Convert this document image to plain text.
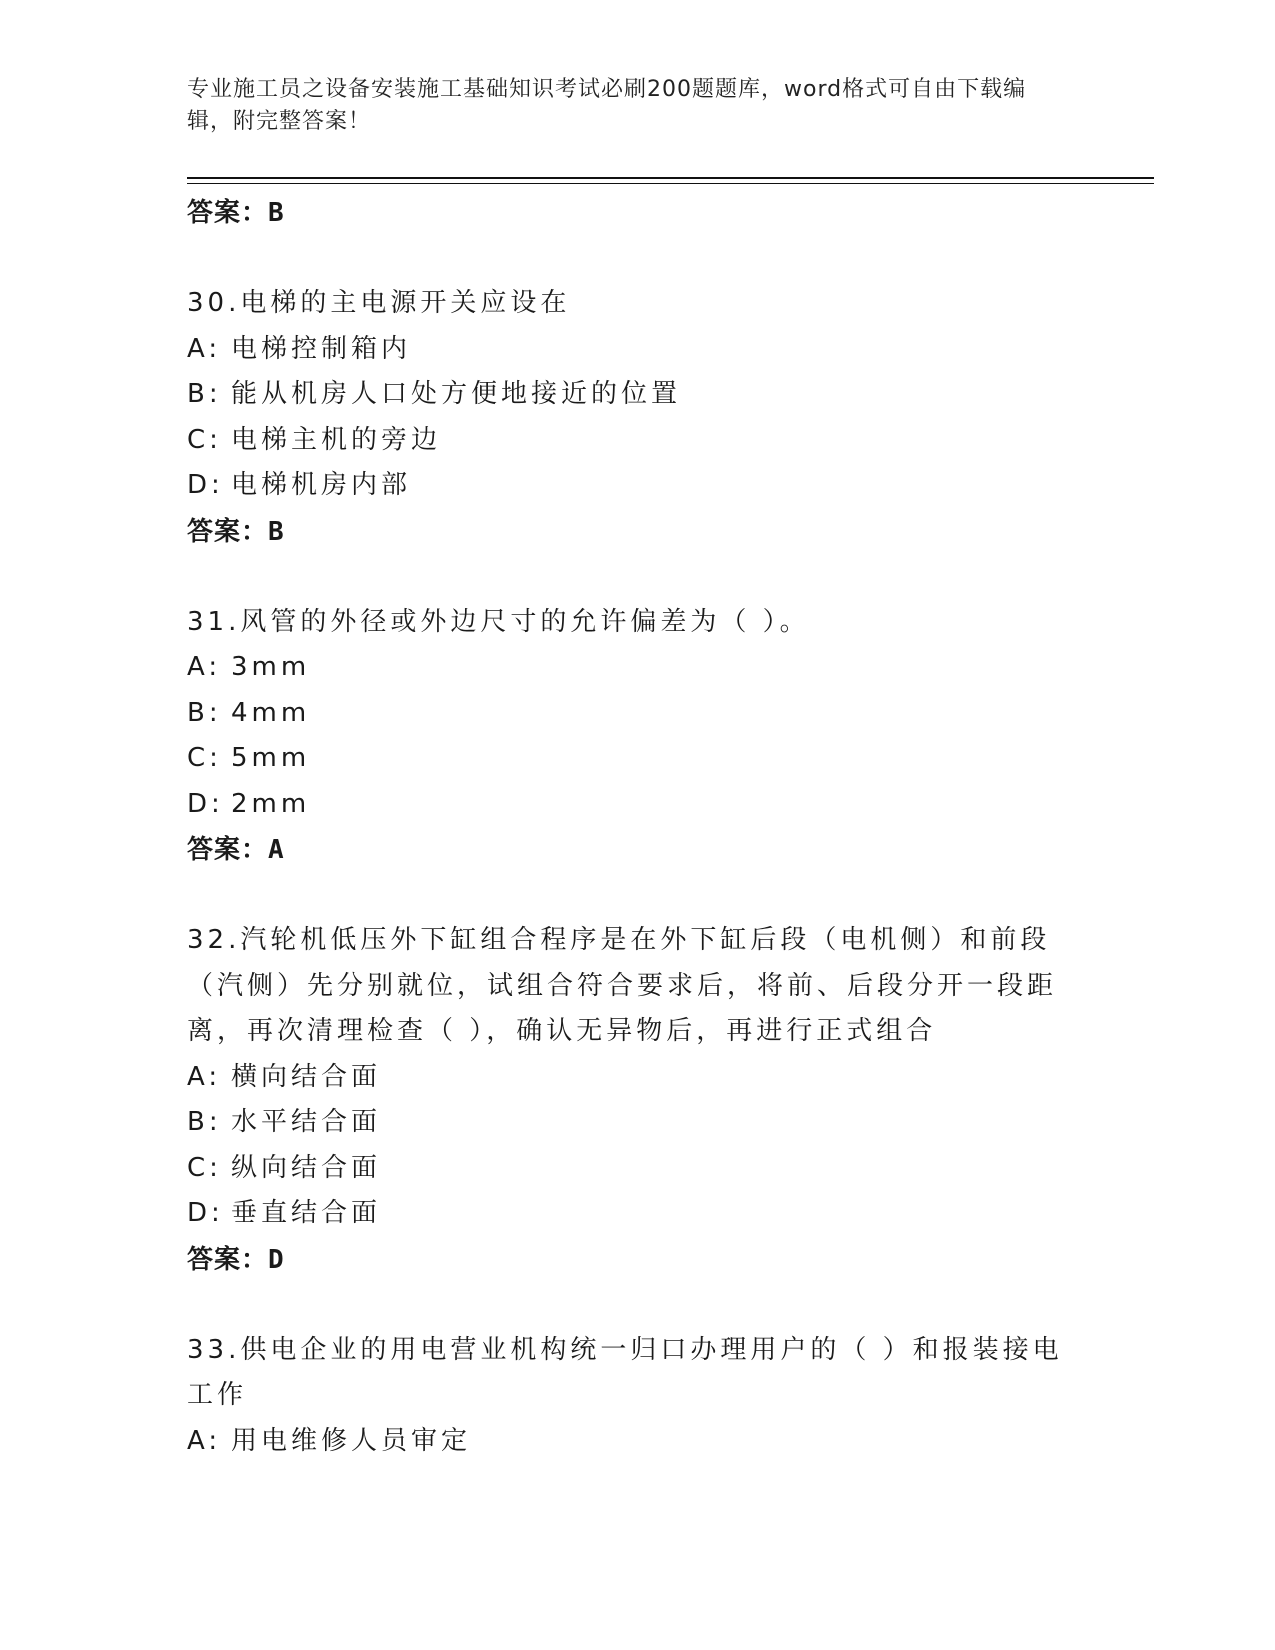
专业施工员之设备安装施工基础知识考试必刷200题题库，word格式可自由下载编辑，附完整答案！
答案：B
30.电梯的主电源开关应设在
A: 电梯控制箱内
B: 能从机房人口处方便地接近的位置
C: 电梯主机的旁边
D: 电梯机房内部
答案：B
31.风管的外径或外边尺寸的允许偏差为（ ）。
A: 3mm
B: 4mm
C: 5mm
D: 2mm
答案：A
32.汽轮机低压外下缸组合程序是在外下缸后段（电机侧）和前段（汽侧）先分别就位，试组合符合要求后，将前、后段分开一段距离，再次清理检查（ ），确认无异物后，再进行正式组合
A: 横向结合面
B: 水平结合面
C: 纵向结合面
D: 垂直结合面
答案：D
33.供电企业的用电营业机构统一归口办理用户的（ ）和报装接电工作
A: 用电维修人员审定
